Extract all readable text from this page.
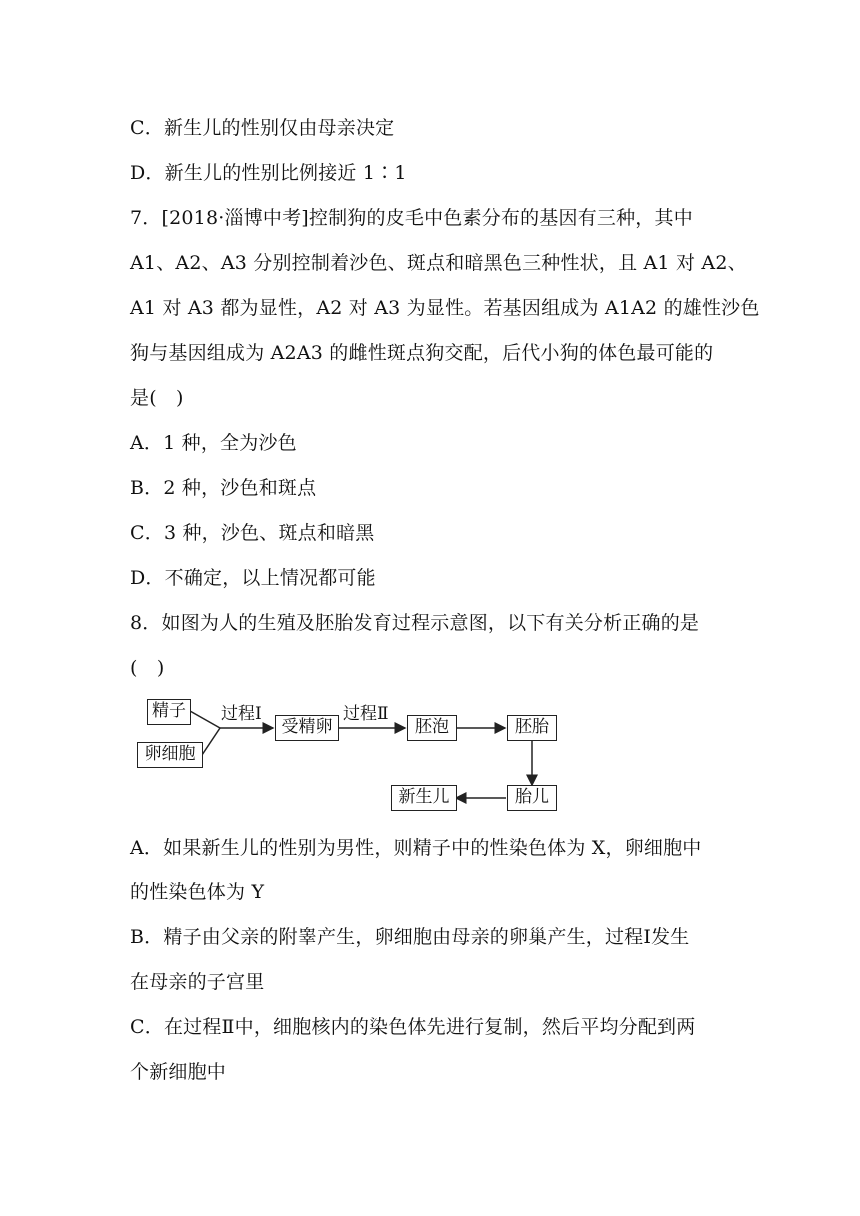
C．新生儿的性别仅由母亲决定

D．新生儿的性别比例接近 1∶1

7．[2018·淄博中考]控制狗的皮毛中色素分布的基因有三种，其中

A1、A2、A3 分别控制着沙色、斑点和暗黑色三种性状，且 A1 对 A2、

A1 对 A3 都为显性，A2 对 A3 为显性。若基因组成为 A1A2 的雄性沙色

狗与基因组成为 A2A3 的雌性斑点狗交配，后代小狗的体色最可能的

是(　)

A．1 种，全为沙色

B．2 种，沙色和斑点

C．3 种，沙色、斑点和暗黑

D．不确定，以上情况都可能

8．如图为人的生殖及胚胎发育过程示意图，以下有关分析正确的是

(　)

精子
卵细胞
过程Ⅰ
受精卵
过程Ⅱ
胚泡	胚胎
胎儿
新生儿

A．如果新生儿的性别为男性，则精子中的性染色体为 X，卵细胞中

的性染色体为 Y

B．精子由父亲的附睾产生，卵细胞由母亲的卵巢产生，过程Ⅰ发生

在母亲的子宫里

C．在过程Ⅱ中，细胞核内的染色体先进行复制，然后平均分配到两

个新细胞中
